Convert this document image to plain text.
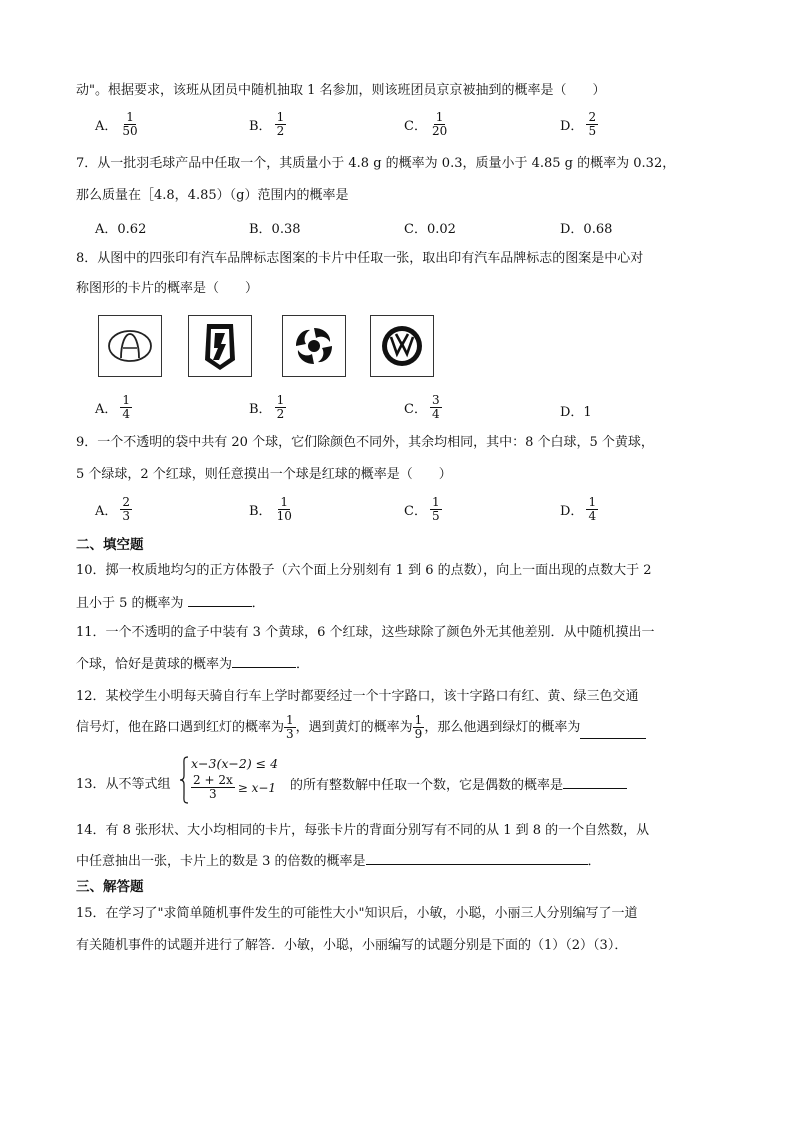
动"。根据要求，该班从团员中随机抽取 1 名参加，则该班团员京京被抽到的概率是（　　）
A． $\frac{1}{50}$	B． $\frac{1}{2}$	C． $\frac{1}{20}$	D． $\frac{2}{5}$
7．从一批羽毛球产品中任取一个，其质量小于 4.8 g 的概率为 0.3，质量小于 4.85 g 的概率为 0.32，
那么质量在［4.8，4.85）（g）范围内的概率是
A．0.62	B．0.38	C．0.02	D．0.68
8．从图中的四张印有汽车品牌标志图案的卡片中任取一张，取出印有汽车品牌标志的图案是中心对
称图形的卡片的概率是（　　）
A． $\frac{1}{4}$	B． $\frac{1}{2}$	C． $\frac{3}{4}$	D．1
9．一个不透明的袋中共有 20 个球，它们除颜色不同外，其余均相同，其中：8 个白球，5 个黄球，
5 个绿球，2 个红球，则任意摸出一个球是红球的概率是（　　）
A． $\frac{2}{3}$	B． $\frac{1}{10}$	C． $\frac{1}{5}$	D． $\frac{1}{4}$
二、填空题
10．掷一枚质地均匀的正方体骰子（六个面上分别刻有 1 到 6 的点数），向上一面出现的点数大于 2
且小于 5 的概率为	．
11．一个不透明的盒子中装有 3 个黄球，6 个红球，这些球除了颜色外无其他差别．从中随机摸出一
个球，恰好是黄球的概率为	．
12．某校学生小明每天骑自行车上学时都要经过一个十字路口，该十字路口有红、黄、绿三色交通
信号灯，他在路口遇到红灯的概率为 $\frac{1}{3}$ ，遇到黄灯的概率为 $\frac{1}{9}$ ，那么他遇到绿灯的概率为
13．从不等式组
x−3(x−2) ≤ 4
$\frac{2 + 2x}{3} \ge x-1$ 的所有整数解中任取一个数，它是偶数的概率是
14．有 8 张形状、大小均相同的卡片，每张卡片的背面分别写有不同的从 1 到 8 的一个自然数，从
中任意抽出一张，卡片上的数是 3 的倍数的概率是	．
三、解答题
15．在学习了"求简单随机事件发生的可能性大小"知识后，小敏，小聪，小丽三人分别编写了一道
有关随机事件的试题并进行了解答．小敏，小聪，小丽编写的试题分别是下面的（1）（2）（3）．
